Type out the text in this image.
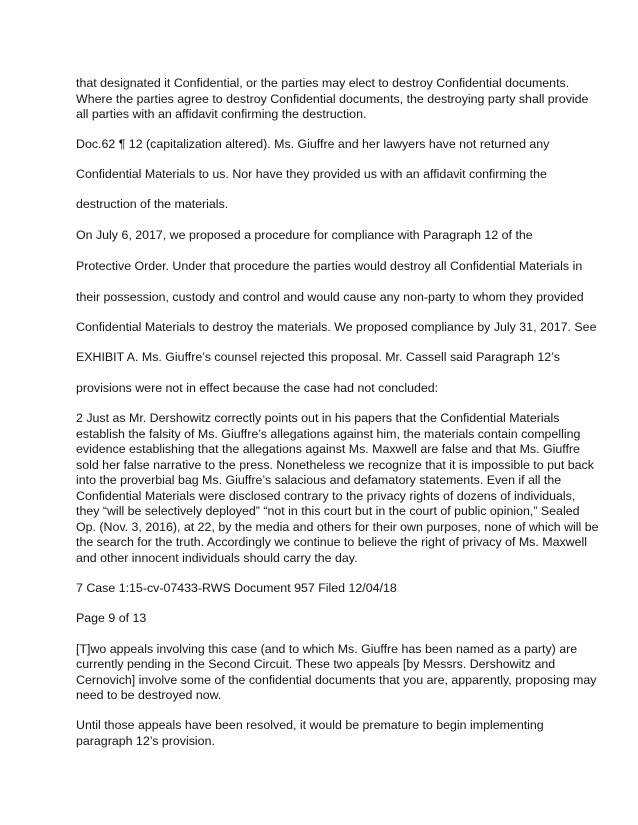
that designated it Confidential, or the parties may elect to destroy Confidential documents.
Where the parties agree to destroy Confidential documents, the destroying party shall provide
all parties with an affidavit confirming the destruction.
Doc.62 ¶ 12 (capitalization altered). Ms. Giuffre and her lawyers have not returned any
Confidential Materials to us. Nor have they provided us with an affidavit confirming the
destruction of the materials.
On July 6, 2017, we proposed a procedure for compliance with Paragraph 12 of the
Protective Order. Under that procedure the parties would destroy all Confidential Materials in
their possession, custody and control and would cause any non-party to whom they provided
Confidential Materials to destroy the materials. We proposed compliance by July 31, 2017. See
EXHIBIT A. Ms. Giuffre’s counsel rejected this proposal. Mr. Cassell said Paragraph 12’s
provisions were not in effect because the case had not concluded:
2 Just as Mr. Dershowitz correctly points out in his papers that the Confidential Materials
establish the falsity of Ms. Giuffre’s allegations against him, the materials contain compelling
evidence establishing that the allegations against Ms. Maxwell are false and that Ms. Giuffre
sold her false narrative to the press. Nonetheless we recognize that it is impossible to put back
into the proverbial bag Ms. Giuffre’s salacious and defamatory statements. Even if all the
Confidential Materials were disclosed contrary to the privacy rights of dozens of individuals,
they “will be selectively deployed” “not in this court but in the court of public opinion,” Sealed
Op. (Nov. 3, 2016), at 22, by the media and others for their own purposes, none of which will be
the search for the truth. Accordingly we continue to believe the right of privacy of Ms. Maxwell
and other innocent individuals should carry the day.
7 Case 1:15-cv-07433-RWS Document 957 Filed 12/04/18
Page 9 of 13
[T]wo appeals involving this case (and to which Ms. Giuffre has been named as a party) are
currently pending in the Second Circuit. These two appeals [by Messrs. Dershowitz and
Cernovich] involve some of the confidential documents that you are, apparently, proposing may
need to be destroyed now.
Until those appeals have been resolved, it would be premature to begin implementing
paragraph 12’s provision.
